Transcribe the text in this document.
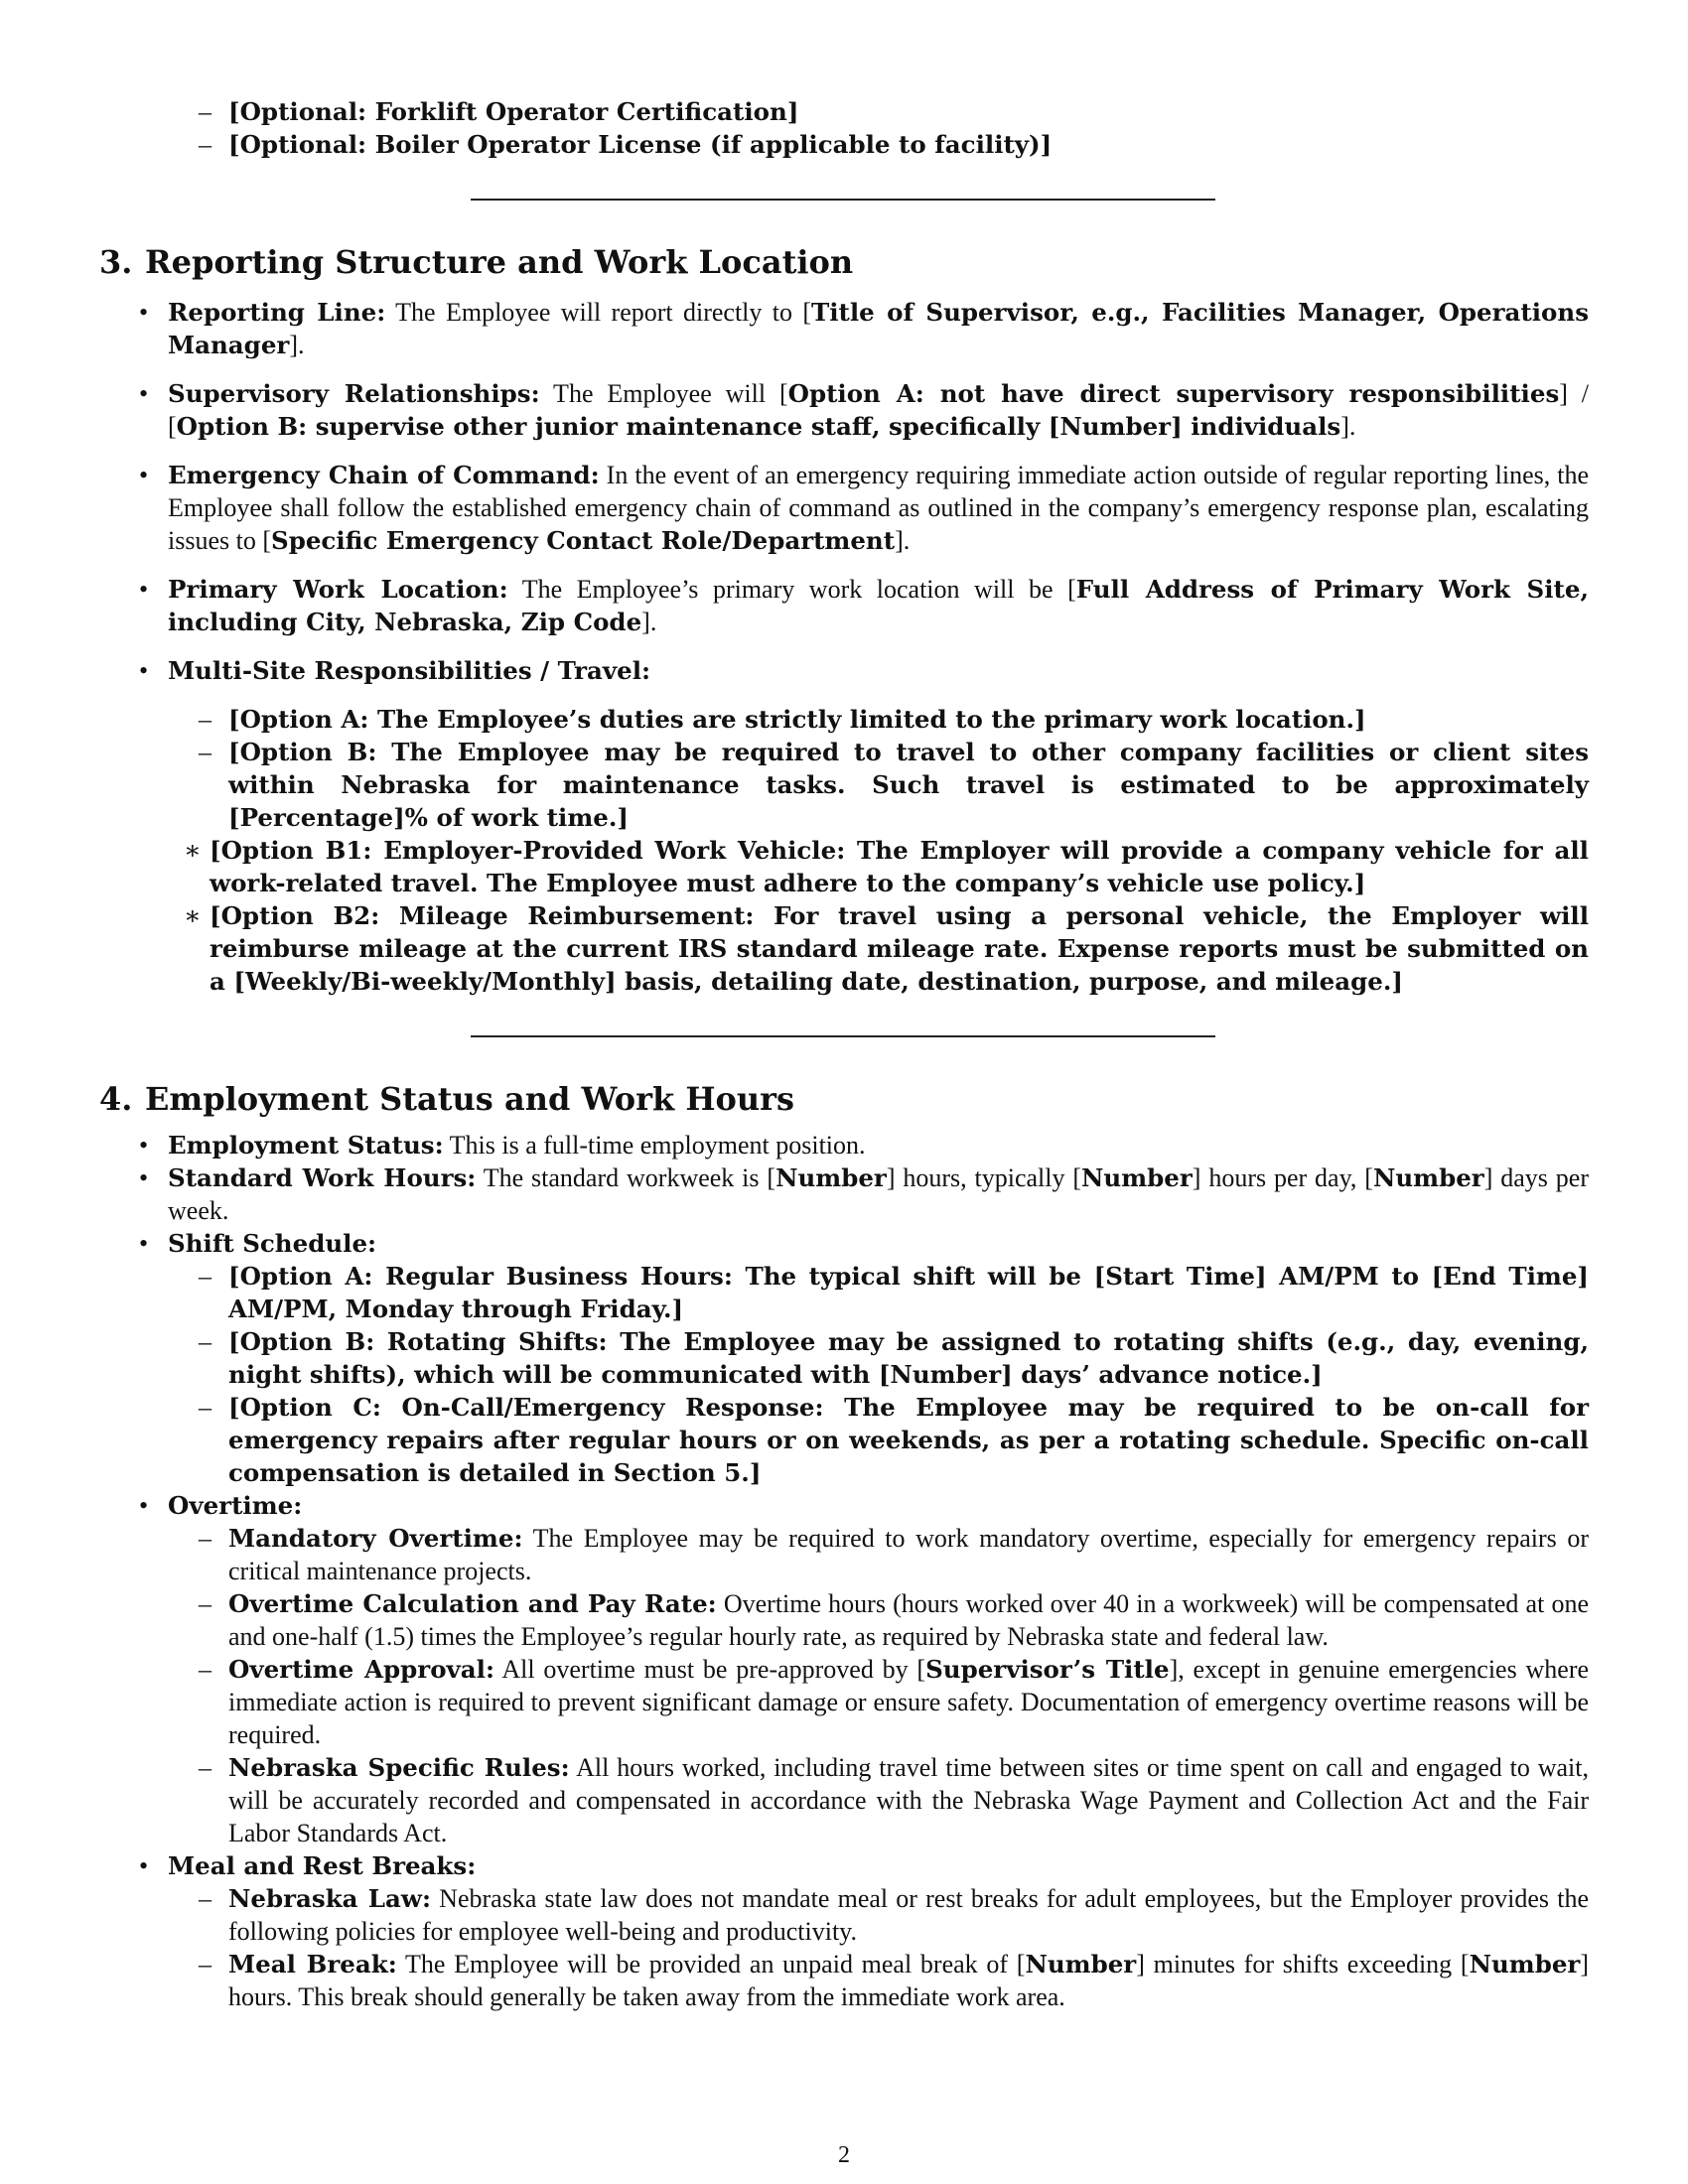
– [Optional: Forklift Operator Certification]
– [Optional: Boiler Operator License (if applicable to facility)]
3. Reporting Structure and Work Location
• Reporting Line: The Employee will report directly to [Title of Supervisor, e.g., Facilities Manager, Operations Manager].
• Supervisory Relationships: The Employee will [Option A: not have direct supervisory responsibilities] / [Option B: supervise other junior maintenance staff, specifically [Number] individuals].
• Emergency Chain of Command: In the event of an emergency requiring immediate action outside of regular reporting lines, the Employee shall follow the established emergency chain of command as outlined in the company’s emergency response plan, escalating issues to [Specific Emergency Contact Role/Department].
• Primary Work Location: The Employee’s primary work location will be [Full Address of Primary Work Site, including City, Nebraska, Zip Code].
• Multi-Site Responsibilities / Travel:
– [Option A: The Employee’s duties are strictly limited to the primary work location.]
– [Option B: The Employee may be required to travel to other company facilities or client sites within Nebraska for maintenance tasks. Such travel is estimated to be approximately [Percentage]% of work time.]
∗ [Option B1: Employer-Provided Work Vehicle: The Employer will provide a company vehicle for all work-related travel. The Employee must adhere to the company’s vehicle use policy.]
∗ [Option B2: Mileage Reimbursement: For travel using a personal vehicle, the Employer will reimburse mileage at the current IRS standard mileage rate. Expense reports must be submitted on a [Weekly/Bi-weekly/Monthly] basis, detailing date, destination, purpose, and mileage.]
4. Employment Status and Work Hours
• Employment Status: This is a full-time employment position.
• Standard Work Hours: The standard workweek is [Number] hours, typically [Number] hours per day, [Number] days per week.
• Shift Schedule:
– [Option A: Regular Business Hours: The typical shift will be [Start Time] AM/PM to [End Time] AM/PM, Monday through Friday.]
– [Option B: Rotating Shifts: The Employee may be assigned to rotating shifts (e.g., day, evening, night shifts), which will be communicated with [Number] days’ advance notice.]
– [Option C: On-Call/Emergency Response: The Employee may be required to be on-call for emergency repairs after regular hours or on weekends, as per a rotating schedule. Specific on-call compensation is detailed in Section 5.]
• Overtime:
– Mandatory Overtime: The Employee may be required to work mandatory overtime, especially for emergency repairs or critical maintenance projects.
– Overtime Calculation and Pay Rate: Overtime hours (hours worked over 40 in a workweek) will be compensated at one and one-half (1.5) times the Employee’s regular hourly rate, as required by Nebraska state and federal law.
– Overtime Approval: All overtime must be pre-approved by [Supervisor’s Title], except in genuine emergencies where immediate action is required to prevent significant damage or ensure safety. Documentation of emergency overtime reasons will be required.
– Nebraska Specific Rules: All hours worked, including travel time between sites or time spent on call and engaged to wait, will be accurately recorded and compensated in accordance with the Nebraska Wage Payment and Collection Act and the Fair Labor Standards Act.
• Meal and Rest Breaks:
– Nebraska Law: Nebraska state law does not mandate meal or rest breaks for adult employees, but the Employer provides the following policies for employee well-being and productivity.
– Meal Break: The Employee will be provided an unpaid meal break of [Number] minutes for shifts exceeding [Number] hours. This break should generally be taken away from the immediate work area.
2
